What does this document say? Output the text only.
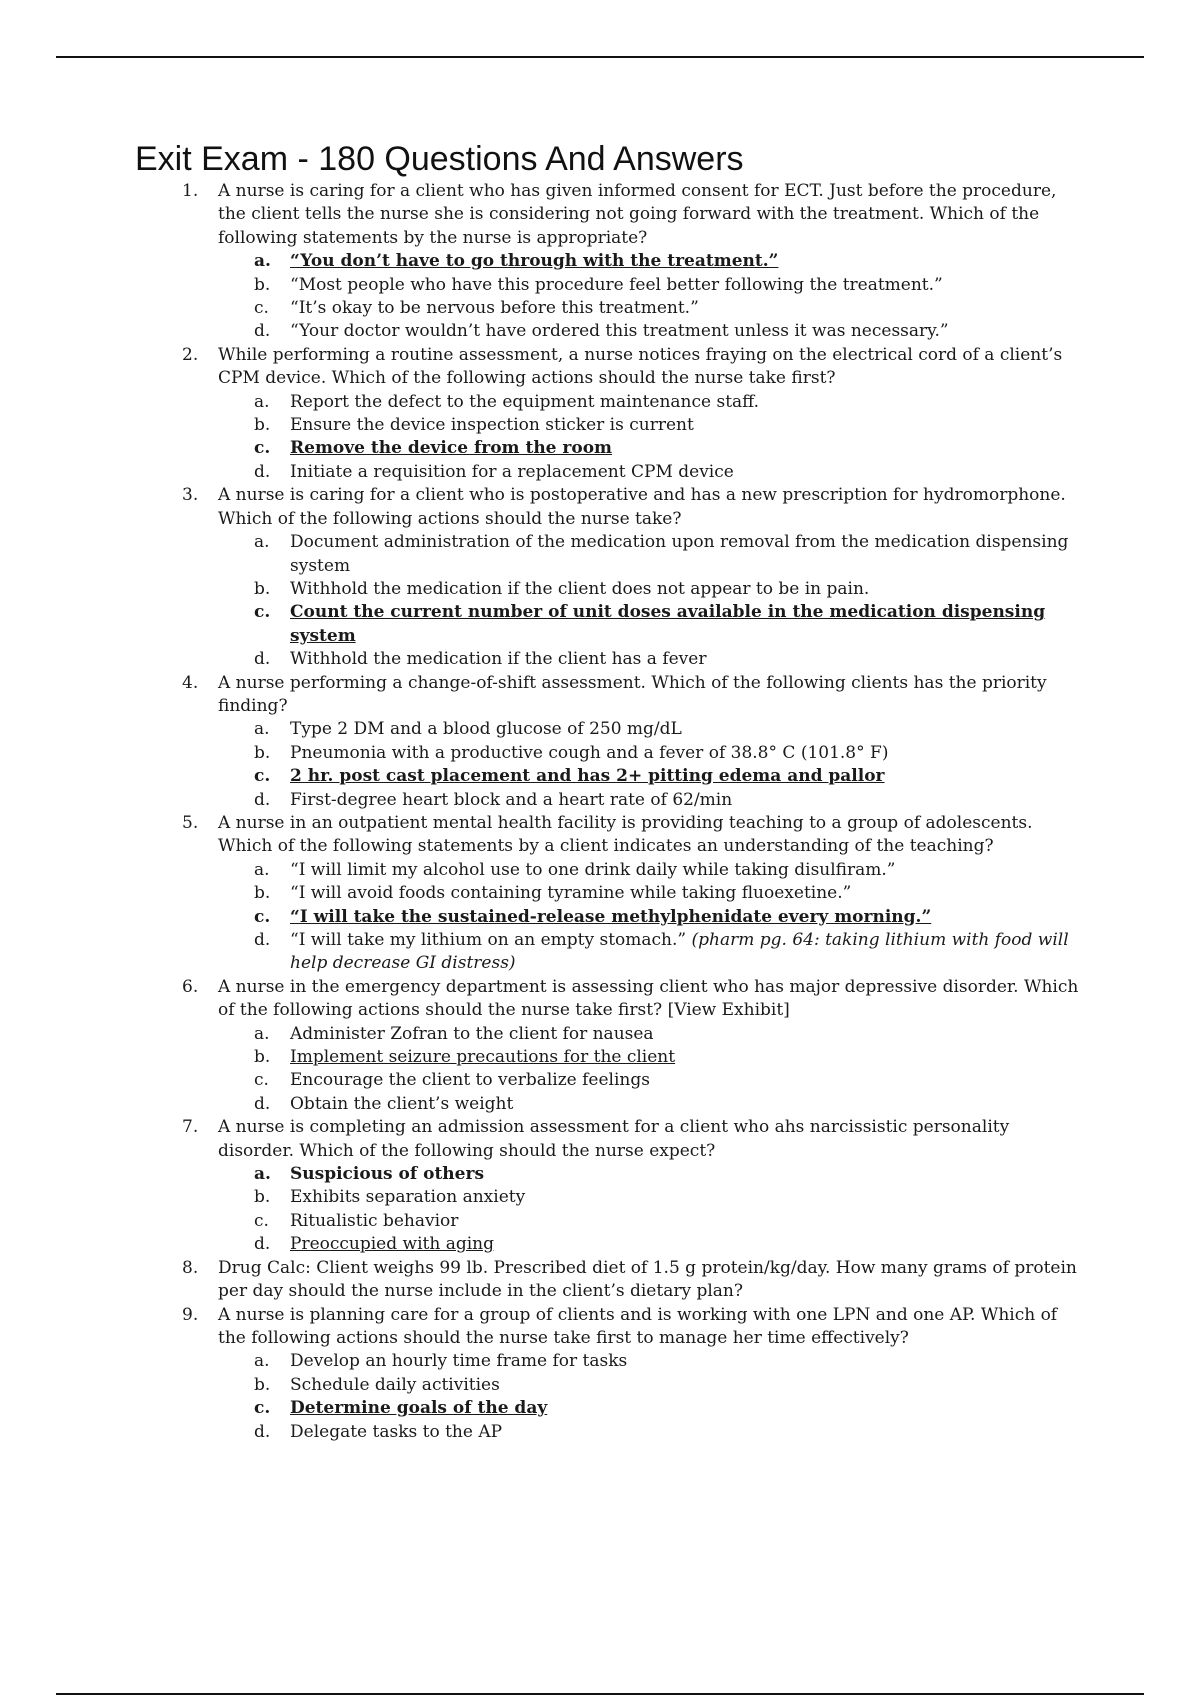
Exit Exam - 180 Questions And Answers
1.	A nurse is caring for a client who has given informed consent for ECT. Just before the procedure, the client tells the nurse she is considering not going forward with the treatment. Which of the following statements by the nurse is appropriate?

a.	“You don’t have to go through with the treatment.”
b.	“Most people who have this procedure feel better following the treatment.”
c.	“It’s okay to be nervous before this treatment.”
d.	“Your doctor wouldn’t have ordered this treatment unless it was necessary.”
2.	While performing a routine assessment, a nurse notices fraying on the electrical cord of a client’s CPM device. Which of the following actions should the nurse take first?

a.	Report the defect to the equipment maintenance staff.
b.	Ensure the device inspection sticker is current
c.	Remove the device from the room
d.	Initiate a requisition for a replacement CPM device
3.	A nurse is caring for a client who is postoperative and has a new prescription for hydromorphone. Which of the following actions should the nurse take?

a.	Document administration of the medication upon removal from the medication dispensing system
b.	Withhold the medication if the client does not appear to be in pain.
c.	Count the current number of unit doses available in the medication dispensing system
d.	Withhold the medication if the client has a fever
4.	A nurse performing a change-of-shift assessment. Which of the following clients has the priority finding?

a.	Type 2 DM and a blood glucose of 250 mg/dL
b.	Pneumonia with a productive cough and a fever of 38.8° C (101.8° F)
c.	2 hr. post cast placement and has 2+ pitting edema and pallor
d.	First-degree heart block and a heart rate of 62/min
5.	A nurse in an outpatient mental health facility is providing teaching to a group of adolescents. Which of the following statements by a client indicates an understanding of the teaching?

a.	“I will limit my alcohol use to one drink daily while taking disulfiram.”
b.	“I will avoid foods containing tyramine while taking fluoexetine.”
c.	“I will take the sustained-release methylphenidate every morning.”
d.	“I will take my lithium on an empty stomach.” (pharm pg. 64: taking lithium with food will help decrease GI distress)
6.	A nurse in the emergency department is assessing client who has major depressive disorder. Which of the following actions should the nurse take first? [View Exhibit]

a.	Administer Zofran to the client for nausea
b.	Implement seizure precautions for the client
c.	Encourage the client to verbalize feelings
d.	Obtain the client’s weight
7.	A nurse is completing an admission assessment for a client who ahs narcissistic personality disorder. Which of the following should the nurse expect?

a.	Suspicious of others
b.	Exhibits separation anxiety
c.	Ritualistic behavior
d.	Preoccupied with aging
8.	Drug Calc: Client weighs 99 lb. Prescribed diet of 1.5 g protein/kg/day. How many grams of protein per day should the nurse include in the client’s dietary plan?

9.	A nurse is planning care for a group of clients and is working with one LPN and one AP. Which of the following actions should the nurse take first to manage her time effectively?

a.	Develop an hourly time frame for tasks
b.	Schedule daily activities
c.	Determine goals of the day
d.	Delegate tasks to the AP
